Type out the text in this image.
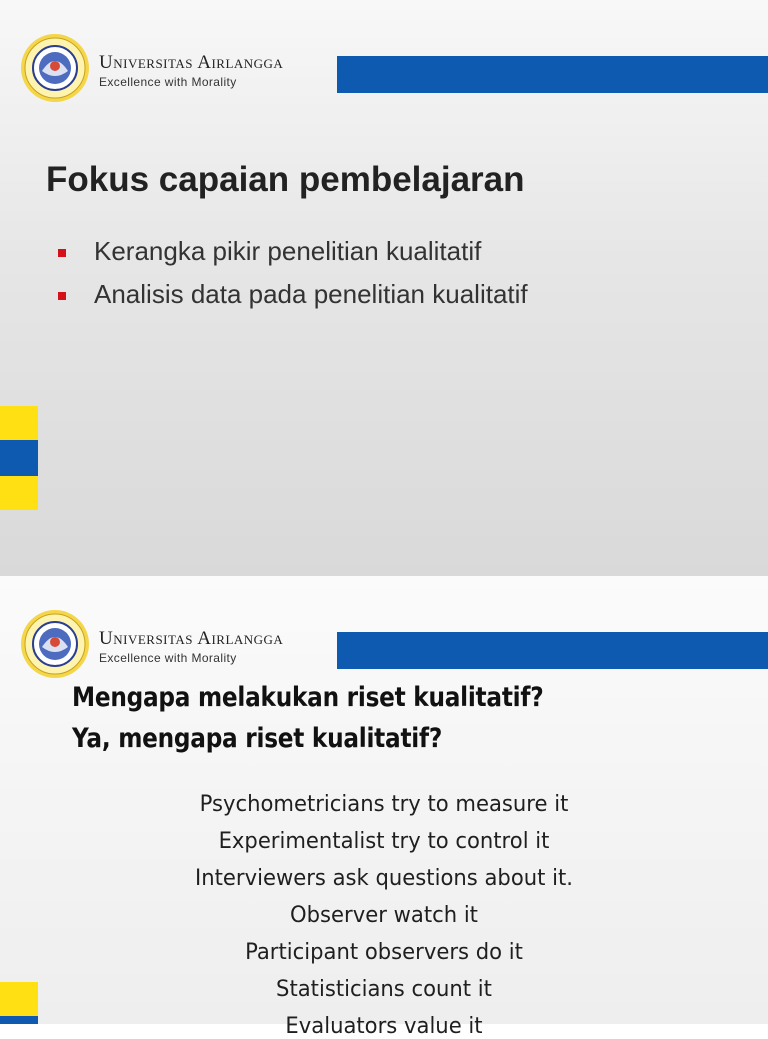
Universitas Airlangga
Excellence with Morality
Fokus capaian pembelajaran
Kerangka pikir penelitian kualitatif
Analisis data pada penelitian kualitatif
Universitas Airlangga
Excellence with Morality
Mengapa melakukan riset kualitatif?
Ya, mengapa riset kualitatif?
Psychometricians try to measure it
Experimentalist try to control it
Interviewers ask questions about it.
Observer watch it
Participant observers do it
Statisticians count it
Evaluators value it
